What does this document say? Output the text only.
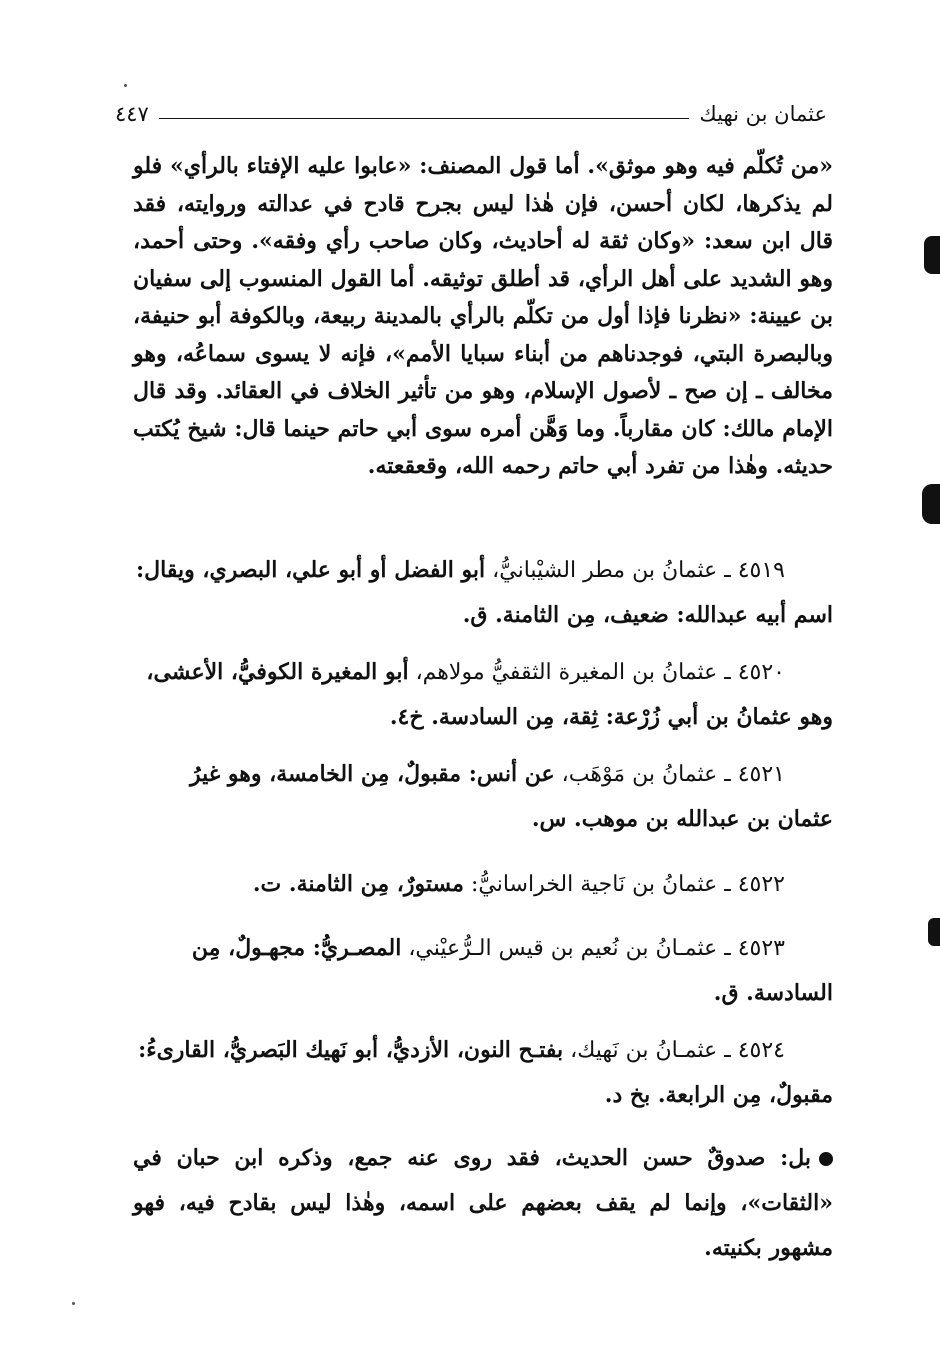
عثمان بن نهيك
٤٤٧

«من تُكلّم فيه وهو موثق». أما قول المصنف: «عابوا عليه الإفتاء بالرأي» فلو لم يذكرها، لكان أحسن، فإن هٰذا ليس بجرح قادح في عدالته وروايته، فقد قال ابن سعد: «وكان ثقة له أحاديث، وكان صاحب رأي وفقه». وحتى أحمد، وهو الشديد على أهل الرأي، قد أطلق توثيقه. أما القول المنسوب إلى سفيان بن عيينة: «نظرنا فإذا أول من تكلّم بالرأي بالمدينة ربيعة، وبالكوفة أبو حنيفة، وبالبصرة البتي، فوجدناهم من أبناء سبايا الأمم»، فإنه لا يسوى سماعُه، وهو مخالف ـ إن صح ـ لأصول الإسلام، وهو من تأثير الخلاف في العقائد. وقد قال الإمام مالك: كان مقارباً. وما وَهَّن أمره سوى أبي حاتم حينما قال: شيخ يُكتب حديثه. وهٰذا من تفرد أبي حاتم رحمه الله، وقعقعته.

٤٥١٩ ـ عثمانُ بن مطر الشيْبانيُّ، أبو الفضل أو أبو علي، البصري، ويقال: اسم أبيه عبدالله: ضعيف، مِن الثامنة. ق.
٤٥٢٠ ـ عثمانُ بن المغيرة الثقفيُّ مولاهم، أبو المغيرة الكوفيُّ، الأعشى، وهو عثمانُ بن أبي زُرْعة: ثِقة، مِن السادسة. خ٤.
٤٥٢١ ـ عثمانُ بن مَوْهَب، عن أنس: مقبولٌ، مِن الخامسة، وهو غيرُ عثمان بن عبدالله بن موهب. س.
٤٥٢٢ ـ عثمانُ بن نَاجية الخراسانيُّ: مستورٌ، مِن الثامنة. ت.
٤٥٢٣ ـ عثمـانُ بن نُعيم بن قيس الـرُّعيْني، المصـريُّ: مجهـولٌ، مِن السادسة. ق.
٤٥٢٤ ـ عثمـانُ بن نَهيك، بفتـح النون، الأزديُّ، أبو نَهيك البَصريُّ، القارىءُ: مقبولٌ، مِن الرابعة. بخ د.
بل: صدوقٌ حسن الحديث، فقد روى عنه جمع، وذكره ابن حبان في «الثقات»، وإنما لم يقف بعضهم على اسمه، وهٰذا ليس بقادح فيه، فهو مشهور بكنيته.
